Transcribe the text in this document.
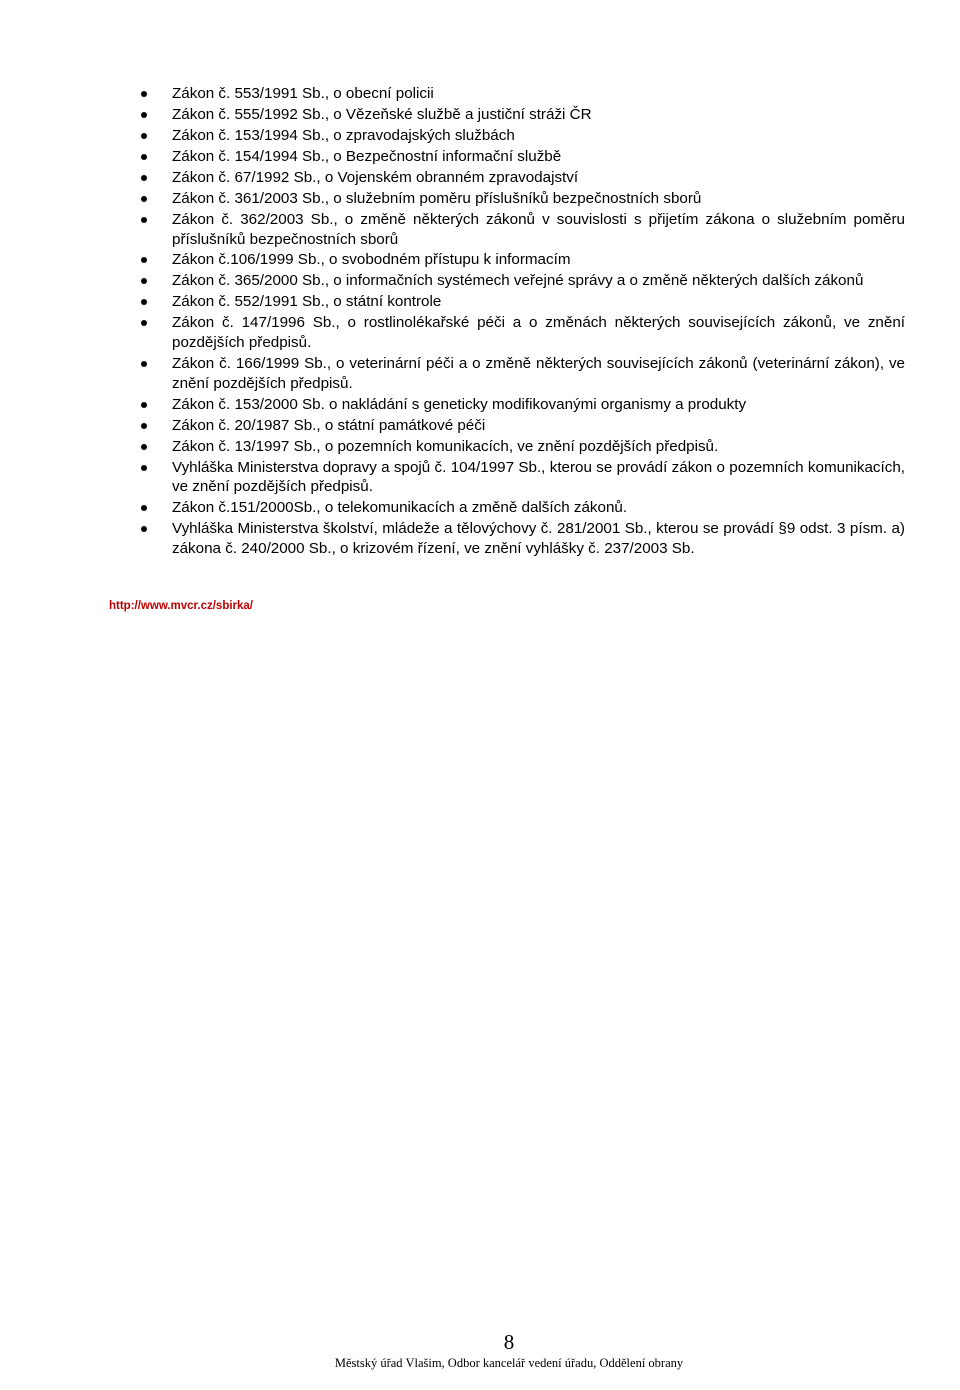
Zákon č. 553/1991 Sb., o obecní policii
Zákon č. 555/1992 Sb., o Vězeňské službě a justiční stráži ČR
Zákon č. 153/1994 Sb., o zpravodajských službách
Zákon č. 154/1994 Sb., o Bezpečnostní informační službě
Zákon č. 67/1992 Sb., o Vojenském obranném zpravodajství
Zákon č. 361/2003 Sb., o služebním poměru příslušníků bezpečnostních sborů
Zákon č. 362/2003 Sb., o změně některých zákonů v souvislosti s přijetím zákona o služebním poměru příslušníků bezpečnostních sborů
Zákon č.106/1999 Sb., o svobodném přístupu k informacím
Zákon č. 365/2000 Sb., o informačních systémech veřejné správy a o změně některých dalších zákonů
Zákon č. 552/1991 Sb., o státní kontrole
Zákon č. 147/1996 Sb., o rostlinolékařské péči a o změnách některých souvisejících zákonů, ve znění pozdějších předpisů.
Zákon č. 166/1999 Sb., o veterinární péči a o změně některých souvisejících zákonů (veterinární zákon), ve znění pozdějších předpisů.
Zákon č. 153/2000 Sb. o nakládání s geneticky modifikovanými organismy a produkty
Zákon č. 20/1987 Sb., o státní památkové péči
Zákon č. 13/1997 Sb., o pozemních komunikacích, ve znění pozdějších předpisů.
Vyhláška Ministerstva dopravy a spojů č. 104/1997 Sb., kterou se provádí zákon o pozemních komunikacích, ve znění pozdějších předpisů.
Zákon č.151/2000Sb., o telekomunikacích a změně dalších zákonů.
Vyhláška Ministerstva školství, mládeže a tělovýchovy č. 281/2001 Sb., kterou se provádí §9 odst. 3 písm. a) zákona č. 240/2000 Sb., o krizovém řízení, ve znění vyhlášky č. 237/2003 Sb.
http://www.mvcr.cz/sbirka/
8
Městský úřad Vlašim, Odbor kancelář vedení úřadu, Oddělení obrany
